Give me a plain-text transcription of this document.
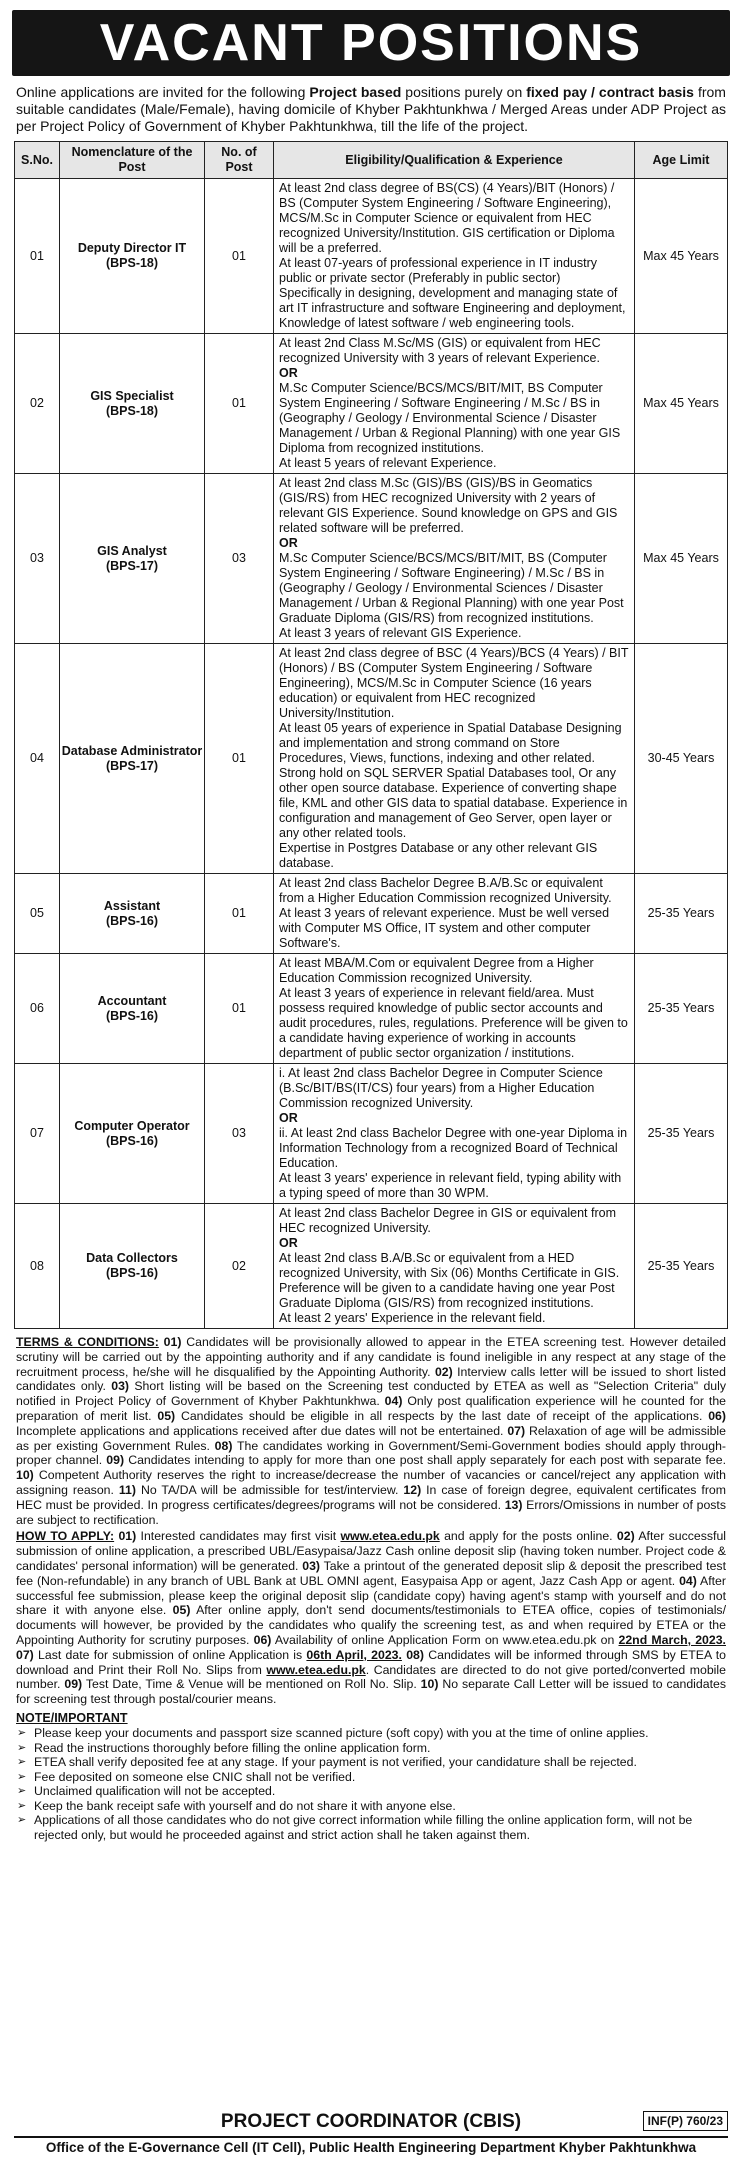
VACANT POSITIONS
Online applications are invited for the following Project based positions purely on fixed pay / contract basis from suitable candidates (Male/Female), having domicile of Khyber Pakhtunkhwa / Merged Areas under ADP Project as per Project Policy of Government of Khyber Pakhtunkhwa, till the life of the project.
S.No.	Nomenclature of the Post	No. of Post	Eligibility/Qualification & Experience	Age Limit
01	Deputy Director IT
(BPS-18)	01	At least 2nd class degree of BS(CS) (4 Years)/BIT (Honors) / BS (Computer System Engineering / Software Engineering), MCS/M.Sc in Computer Science or equivalent from HEC recognized University/Institution. GIS certification or Diploma will be a preferred.
At least 07-years of professional experience in IT industry public or private sector (Preferably in public sector)
Specifically in designing, development and managing state of art IT infrastructure and software Engineering and deployment, Knowledge of latest software / web engineering tools.	Max 45 Years
02	GIS Specialist
(BPS-18)	01	At least 2nd Class M.Sc/MS (GIS) or equivalent from HEC recognized University with 3 years of relevant Experience.
OR
M.Sc Computer Science/BCS/MCS/BIT/MIT, BS Computer System Engineering / Software Engineering / M.Sc / BS in (Geography / Geology / Environmental Science / Disaster Management / Urban & Regional Planning) with one year GIS Diploma from recognized institutions.
At least 5 years of relevant Experience.	Max 45 Years
03	GIS Analyst
(BPS-17)	03	At least 2nd class M.Sc (GIS)/BS (GIS)/BS in Geomatics (GIS/RS) from HEC recognized University with 2 years of relevant GIS Experience. Sound knowledge on GPS and GIS related software will be preferred.
OR
M.Sc Computer Science/BCS/MCS/BIT/MIT, BS (Computer System Engineering / Software Engineering) / M.Sc / BS in (Geography / Geology / Environmental Sciences / Disaster Management / Urban & Regional Planning) with one year Post Graduate Diploma (GIS/RS) from recognized institutions.
At least 3 years of relevant GIS Experience.	Max 45 Years
04	Database Administrator
(BPS-17)	01	At least 2nd class degree of BSC (4 Years)/BCS (4 Years) / BIT (Honors) / BS (Computer System Engineering / Software Engineering), MCS/M.Sc in Computer Science (16 years education) or equivalent from HEC recognized University/Institution.
At least 05 years of experience in Spatial Database Designing and implementation and strong command on Store Procedures, Views, functions, indexing and other related. Strong hold on SQL SERVER Spatial Databases tool, Or any other open source database. Experience of converting shape file, KML and other GIS data to spatial database. Experience in configuration and management of Geo Server, open layer or any other related tools.
Expertise in Postgres Database or any other relevant GIS database.	30-45 Years
05	Assistant
(BPS-16)	01	At least 2nd class Bachelor Degree B.A/B.Sc or equivalent from a Higher Education Commission recognized University.
At least 3 years of relevant experience. Must be well versed with Computer MS Office, IT system and other computer Software's.	25-35 Years
06	Accountant
(BPS-16)	01	At least MBA/M.Com or equivalent Degree from a Higher Education Commission recognized University.
At least 3 years of experience in relevant field/area. Must possess required knowledge of public sector accounts and audit procedures, rules, regulations. Preference will be given to a candidate having experience of working in accounts department of public sector organization / institutions.	25-35 Years
07	Computer Operator
(BPS-16)	03	i. At least 2nd class Bachelor Degree in Computer Science (B.Sc/BIT/BS(IT/CS) four years) from a Higher Education Commission recognized University.
OR
ii. At least 2nd class Bachelor Degree with one-year Diploma in Information Technology from a recognized Board of Technical Education.
At least 3 years' experience in relevant field, typing ability with a typing speed of more than 30 WPM.	25-35 Years
08	Data Collectors
(BPS-16)	02	At least 2nd class Bachelor Degree in GIS or equivalent from HEC recognized University.
OR
At least 2nd class B.A/B.Sc or equivalent from a HED recognized University, with Six (06) Months Certificate in GIS. Preference will be given to a candidate having one year Post Graduate Diploma (GIS/RS) from recognized institutions.
At least 2 years' Experience in the relevant field.	25-35 Years
TERMS & CONDITIONS: 01) Candidates will be provisionally allowed to appear in the ETEA screening test. However detailed scrutiny will be carried out by the appointing authority and if any candidate is found ineligible in any respect at any stage of the recruitment process, he/she will he disqualified by the Appointing Authority. 02) Interview calls letter will be issued to short listed candidates only. 03) Short listing will be based on the Screening test conducted by ETEA as well as "Selection Criteria" duly notified in Project Policy of Government of Khyber Pakhtunkhwa. 04) Only post qualification experience will he counted for the preparation of merit list. 05) Candidates should be eligible in all respects by the last date of receipt of the applications. 06) Incomplete applications and applications received after due dates will not be entertained. 07) Relaxation of age will be admissible as per existing Government Rules. 08) The candidates working in Government/Semi-Government bodies should apply through-proper channel. 09) Candidates intending to apply for more than one post shall apply separately for each post with separate fee. 10) Competent Authority reserves the right to increase/decrease the number of vacancies or cancel/reject any application with assigning reason. 11) No TA/DA will be admissible for test/interview. 12) In case of foreign degree, equivalent certificates from HEC must be provided. In progress certificates/degrees/programs will not be considered. 13) Errors/Omissions in number of posts are subject to rectification.
HOW TO APPLY: 01) Interested candidates may first visit www.etea.edu.pk and apply for the posts online. 02) After successful submission of online application, a prescribed UBL/Easypaisa/Jazz Cash online deposit slip (having token number. Project code & candidates' personal information) will be generated. 03) Take a printout of the generated deposit slip & deposit the prescribed test fee (Non-refundable) in any branch of UBL Bank at UBL OMNI agent, Easypaisa App or agent, Jazz Cash App or agent. 04) After successful fee submission, please keep the original deposit slip (candidate copy) having agent's stamp with yourself and do not share it with anyone else. 05) After online apply, don't send documents/testimonials to ETEA office, copies of testimonials/ documents will however, be provided by the candidates who qualify the screening test, as and when required by ETEA or the Appointing Authority for scrutiny purposes. 06) Availability of online Application Form on www.etea.edu.pk on 22nd March, 2023. 07) Last date for submission of online Application is 06th April, 2023. 08) Candidates will be informed through SMS by ETEA to download and Print their Roll No. Slips from www.etea.edu.pk. Candidates are directed to do not give ported/converted mobile number. 09) Test Date, Time & Venue will be mentioned on Roll No. Slip. 10) No separate Call Letter will be issued to candidates for screening test through postal/courier means.
NOTE/IMPORTANT
➢ Please keep your documents and passport size scanned picture (soft copy) with you at the time of online applies.
➢ Read the instructions thoroughly before filling the online application form.
➢ ETEA shall verify deposited fee at any stage. If your payment is not verified, your candidature shall be rejected.
➢ Fee deposited on someone else CNIC shall not be verified.
➢ Unclaimed qualification will not be accepted.
➢ Keep the bank receipt safe with yourself and do not share it with anyone else.
➢ Applications of all those candidates who do not give correct information while filling the online application form, will not be rejected only, but would he proceeded against and strict action shall he taken against them.
PROJECT COORDINATOR (CBIS)	INF(P) 760/23
Office of the E-Governance Cell (IT Cell), Public Health Engineering Department Khyber Pakhtunkhwa
